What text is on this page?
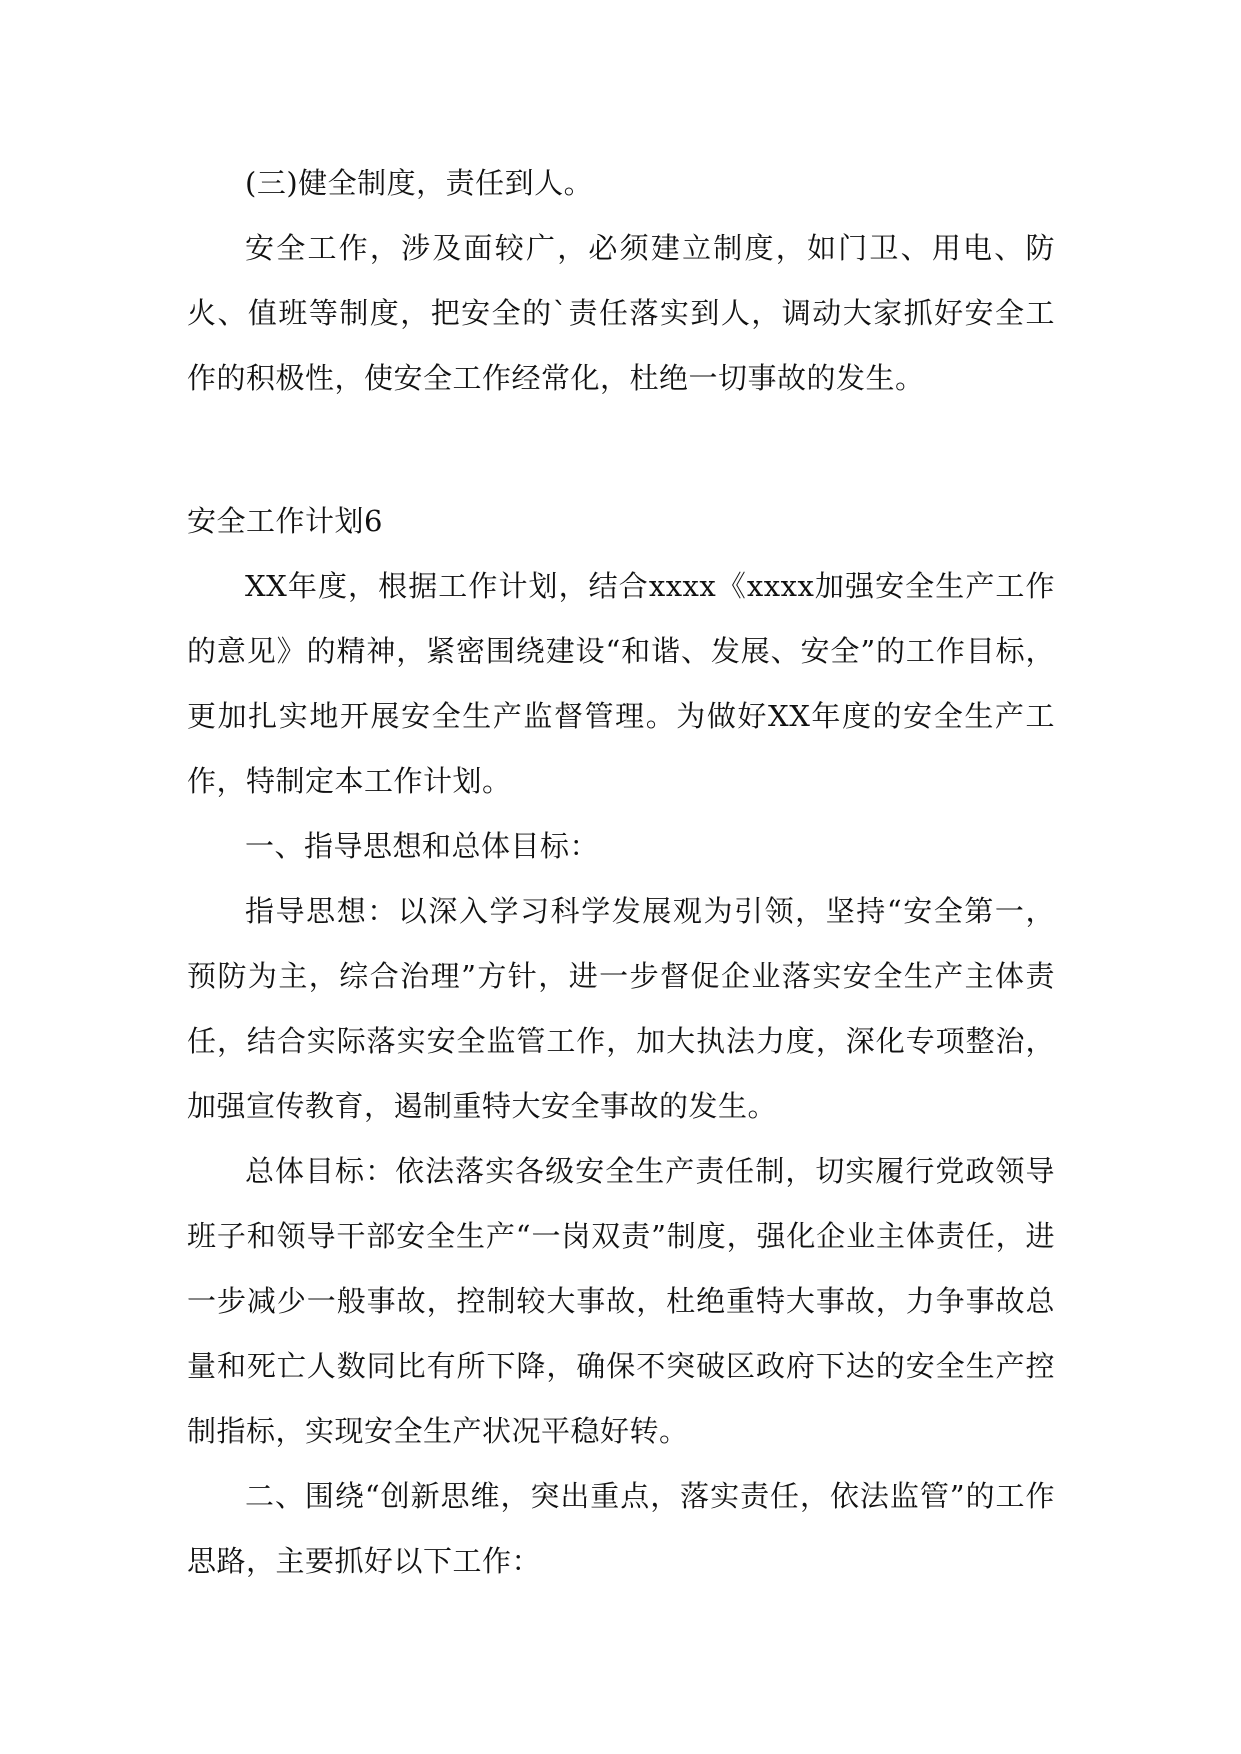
(三)健全制度，责任到人。

安全工作，涉及面较广，必须建立制度，如门卫、用电、防火、值班等制度，把安全的`责任落实到人，调动大家抓好安全工作的积极性，使安全工作经常化，杜绝一切事故的发生。

安全工作计划6

XX年度，根据工作计划，结合xxxx《xxxx加强安全生产工作的意见》的精神，紧密围绕建设“和谐、发展、安全”的工作目标，更加扎实地开展安全生产监督管理。为做好XX年度的安全生产工作，特制定本工作计划。

一、指导思想和总体目标：

指导思想：以深入学习科学发展观为引领，坚持“安全第一，预防为主，综合治理”方针，进一步督促企业落实安全生产主体责任，结合实际落实安全监管工作，加大执法力度，深化专项整治，加强宣传教育，遏制重特大安全事故的发生。

总体目标：依法落实各级安全生产责任制，切实履行党政领导班子和领导干部安全生产“一岗双责”制度，强化企业主体责任，进一步减少一般事故，控制较大事故，杜绝重特大事故，力争事故总量和死亡人数同比有所下降，确保不突破区政府下达的安全生产控制指标，实现安全生产状况平稳好转。

二、围绕“创新思维，突出重点，落实责任，依法监管”的工作思路，主要抓好以下工作：
